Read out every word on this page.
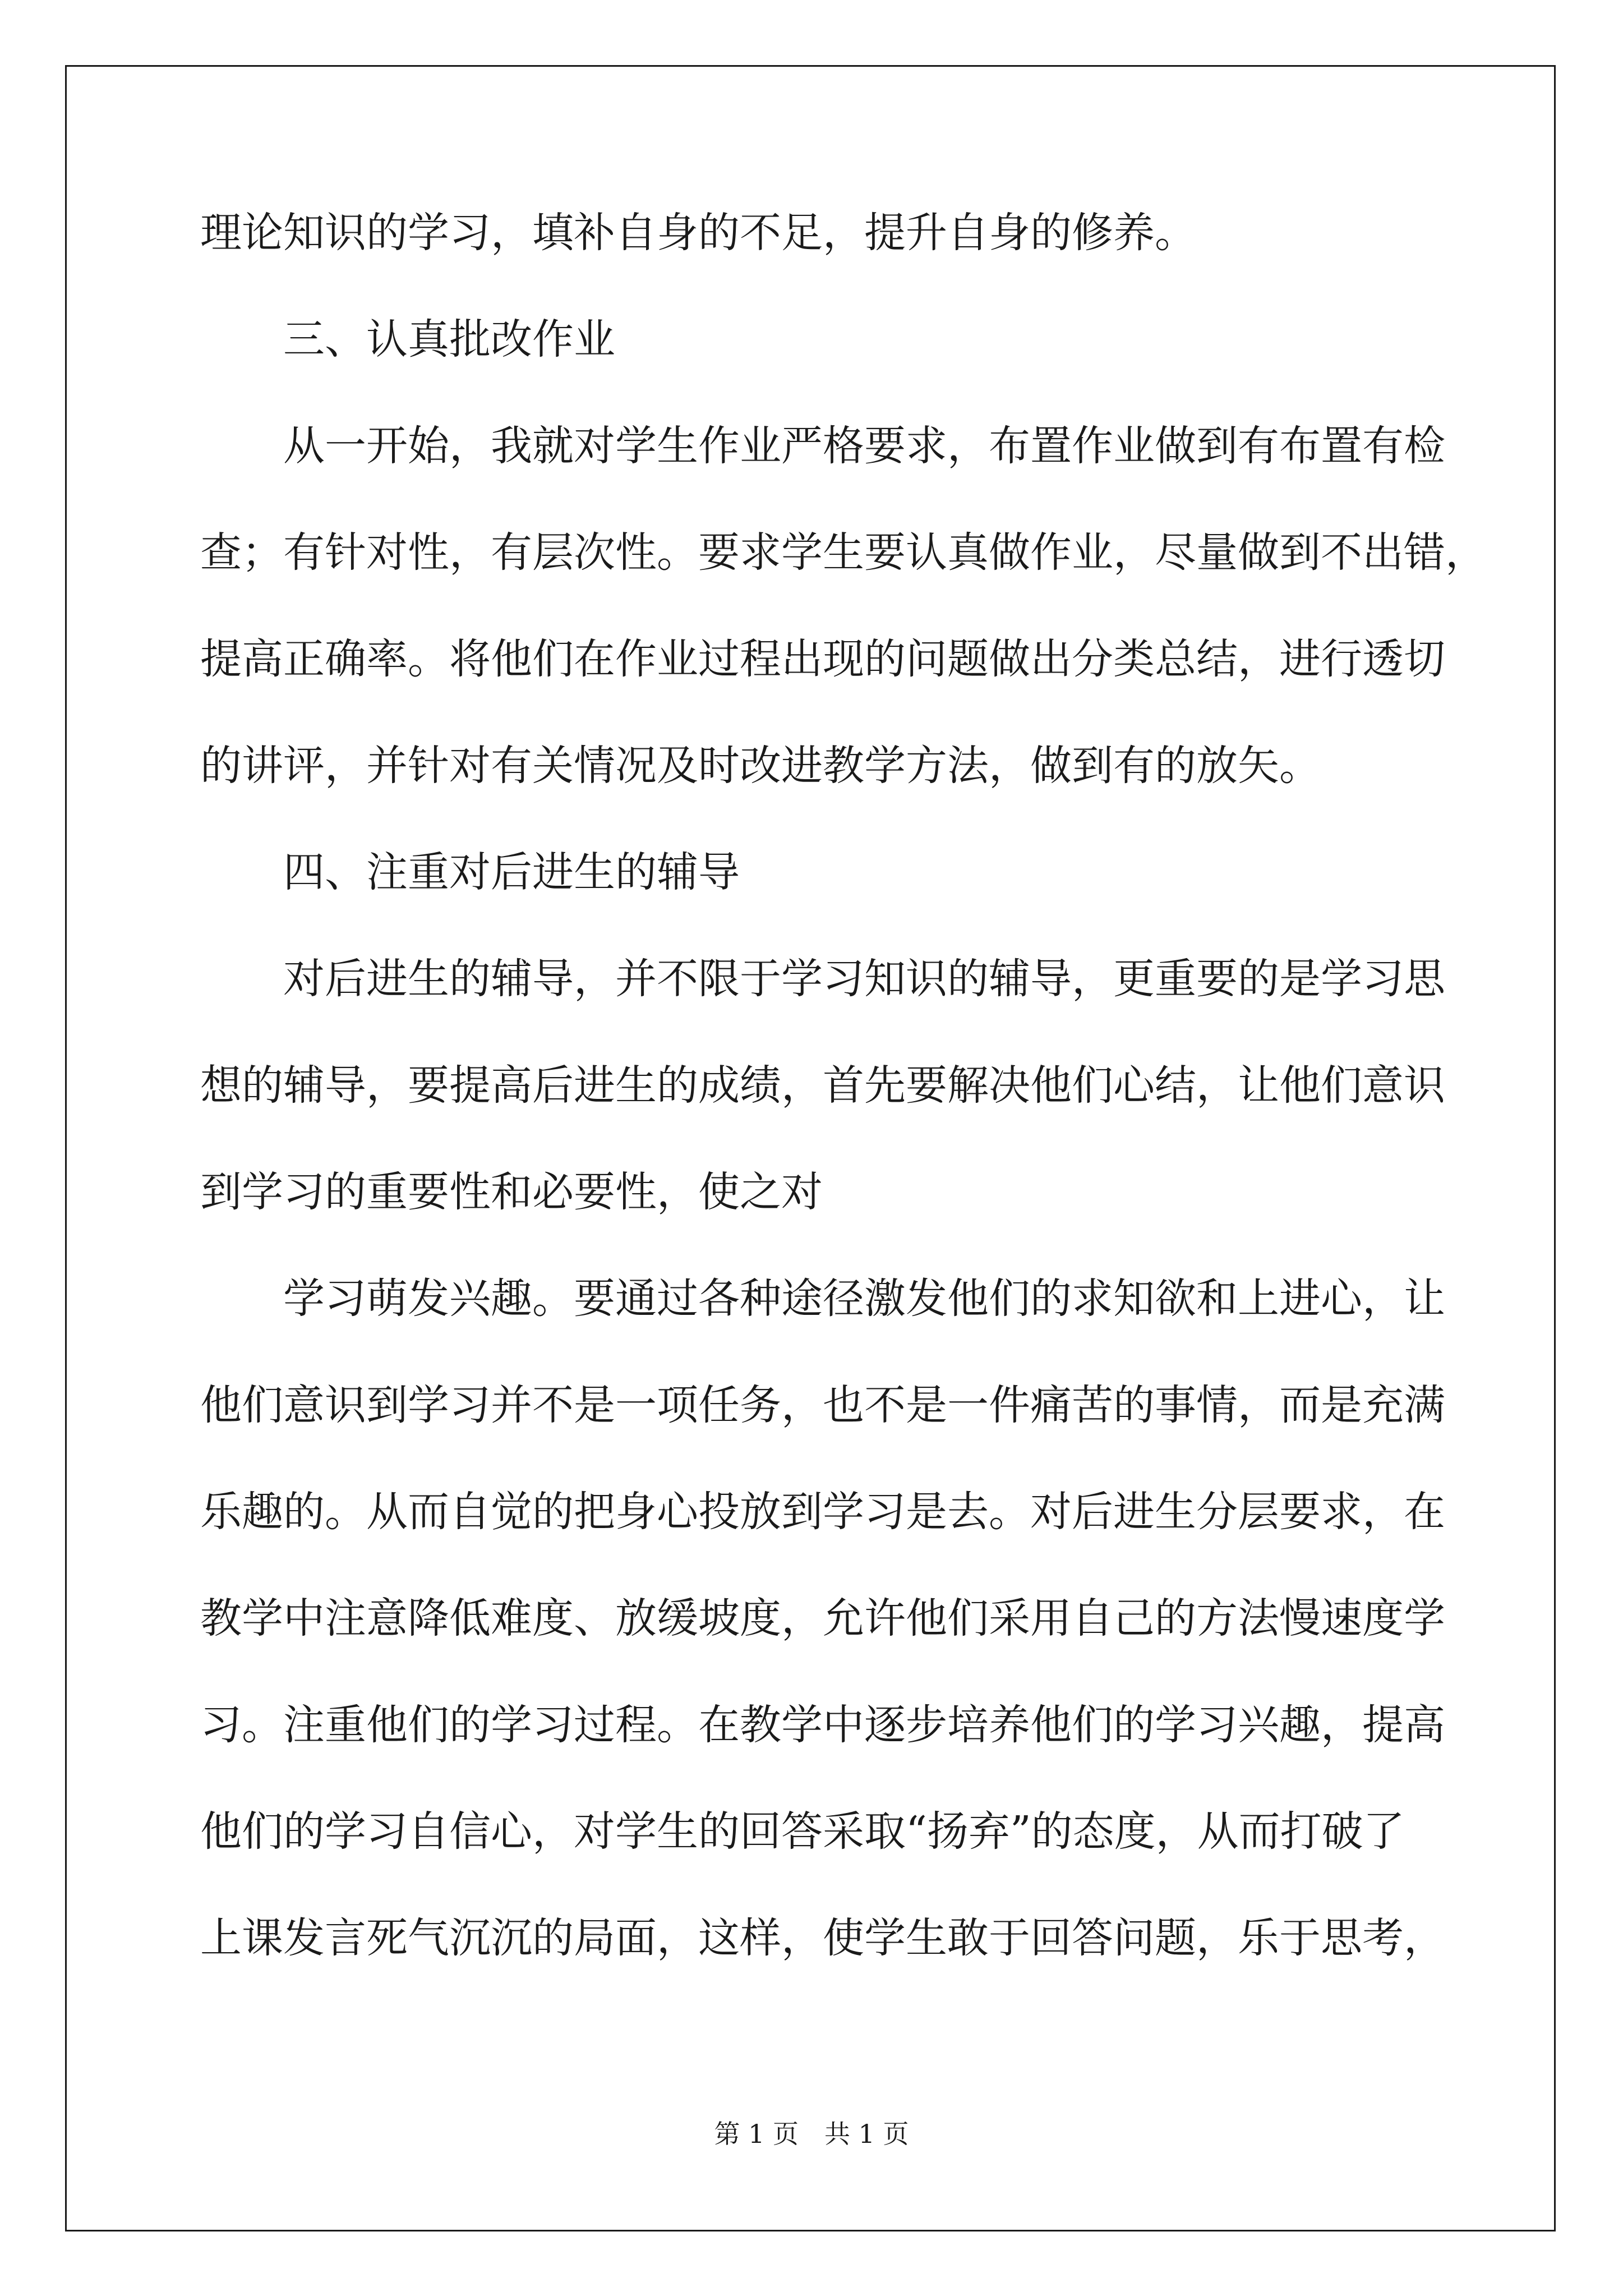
理论知识的学习，填补自身的不足，提升自身的修养。
三、认真批改作业
从一开始，我就对学生作业严格要求，布置作业做到有布置有检
查；有针对性，有层次性。要求学生要认真做作业，尽量做到不出错，
提高正确率。将他们在作业过程出现的问题做出分类总结，进行透切
的讲评，并针对有关情况及时改进教学方法，做到有的放矢。
四、注重对后进生的辅导
对后进生的辅导，并不限于学习知识的辅导，更重要的是学习思
想的辅导，要提高后进生的成绩，首先要解决他们心结，让他们意识
到学习的重要性和必要性，使之对
学习萌发兴趣。要通过各种途径激发他们的求知欲和上进心，让
他们意识到学习并不是一项任务，也不是一件痛苦的事情，而是充满
乐趣的。从而自觉的把身心投放到学习是去。对后进生分层要求，在
教学中注意降低难度、放缓坡度，允许他们采用自己的方法慢速度学
习。注重他们的学习过程。在教学中逐步培养他们的学习兴趣，提高
他们的学习自信心，对学生的回答采取“扬弃”的态度，从而打破了
上课发言死气沉沉的局面，这样，使学生敢于回答问题，乐于思考，
第 1 页　共 1 页
